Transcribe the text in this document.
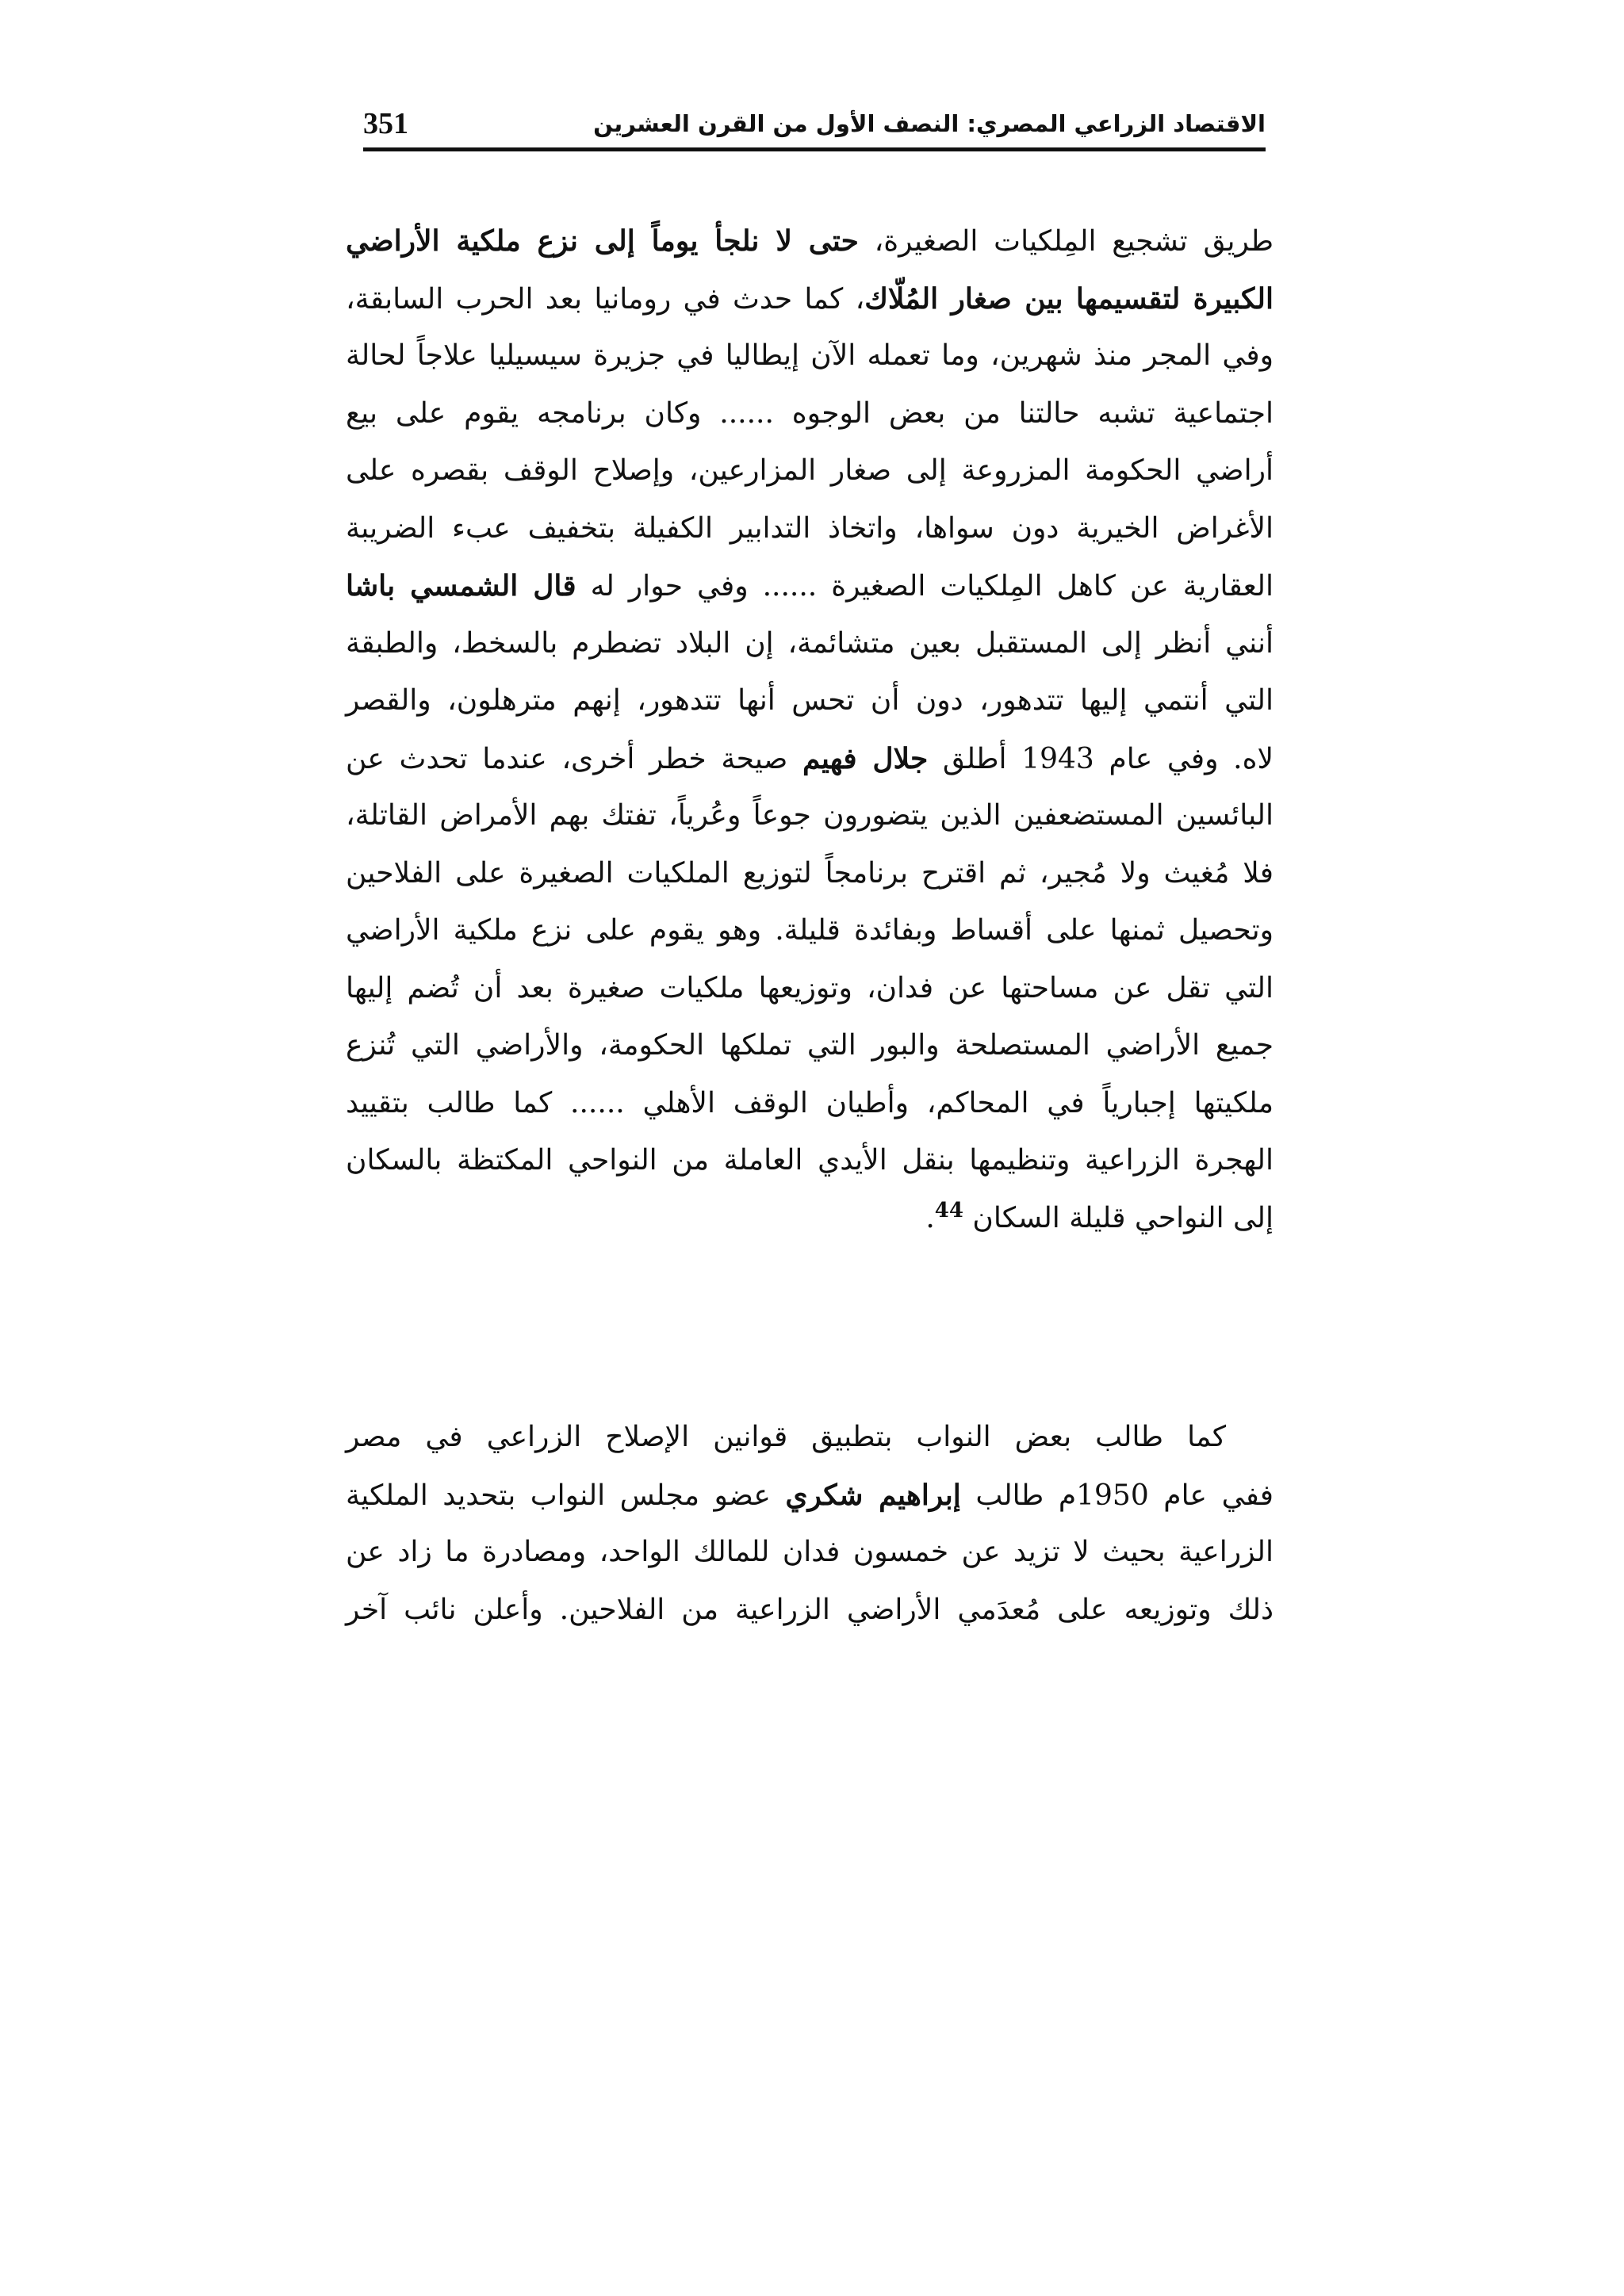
351	الاقتصاد الزراعي المصري: النصف الأول من القرن العشرين

طريق تشجيع المِلكيات الصغيرة، حتى لا نلجأ يوماً إلى نزع ملكية الأراضي
الكبيرة لتقسيمها بين صغار المُلّاك، كما حدث في رومانيا بعد الحرب السابقة،
وفي المجر منذ شهرين، وما تعمله الآن إيطاليا في جزيرة سيسيليا علاجاً لحالة
اجتماعية تشبه حالتنا من بعض الوجوه ...... وكان برنامجه يقوم على بيع
أراضي الحكومة المزروعة إلى صغار المزارعين، وإصلاح الوقف بقصره على
الأغراض الخيرية دون سواها، واتخاذ التدابير الكفيلة بتخفيف عبء الضريبة
العقارية عن كاهل المِلكيات الصغيرة ...... وفي حوار له قال الشمسي باشا
أنني أنظر إلى المستقبل بعين متشائمة، إن البلاد تضطرم بالسخط، والطبقة
التي أنتمي إليها تتدهور، دون أن تحس أنها تتدهور، إنهم مترهلون، والقصر
لاه. وفي عام 1943 أطلق جلال فهيم صيحة خطر أخرى، عندما تحدث عن
البائسين المستضعفين الذين يتضورون جوعاً وعُرياً، تفتك بهم الأمراض القاتلة،
فلا مُغيث ولا مُجير، ثم اقترح برنامجاً لتوزيع الملكيات الصغيرة على الفلاحين
وتحصيل ثمنها على أقساط وبفائدة قليلة. وهو يقوم على نزع ملكية الأراضي
التي تقل عن مساحتها عن فدان، وتوزيعها ملكيات صغيرة بعد أن تُضم إليها
جميع الأراضي المستصلحة والبور التي تملكها الحكومة، والأراضي التي تُنزع
ملكيتها إجبارياً في المحاكم، وأطيان الوقف الأهلي ...... كما طالب بتقييد
الهجرة الزراعية وتنظيمها بنقل الأيدي العاملة من النواحي المكتظة بالسكان
إلى النواحي قليلة السكان $^{44}$.

كما طالب بعض النواب بتطبيق قوانين الإصلاح الزراعي في مصر
ففي عام 1950م طالب إبراهيم شكري عضو مجلس النواب بتحديد الملكية
الزراعية بحيث لا تزيد عن خمسون فدان للمالك الواحد، ومصادرة ما زاد عن
ذلك وتوزيعه على مُعدَمي الأراضي الزراعية من الفلاحين. وأعلن نائب آخر
